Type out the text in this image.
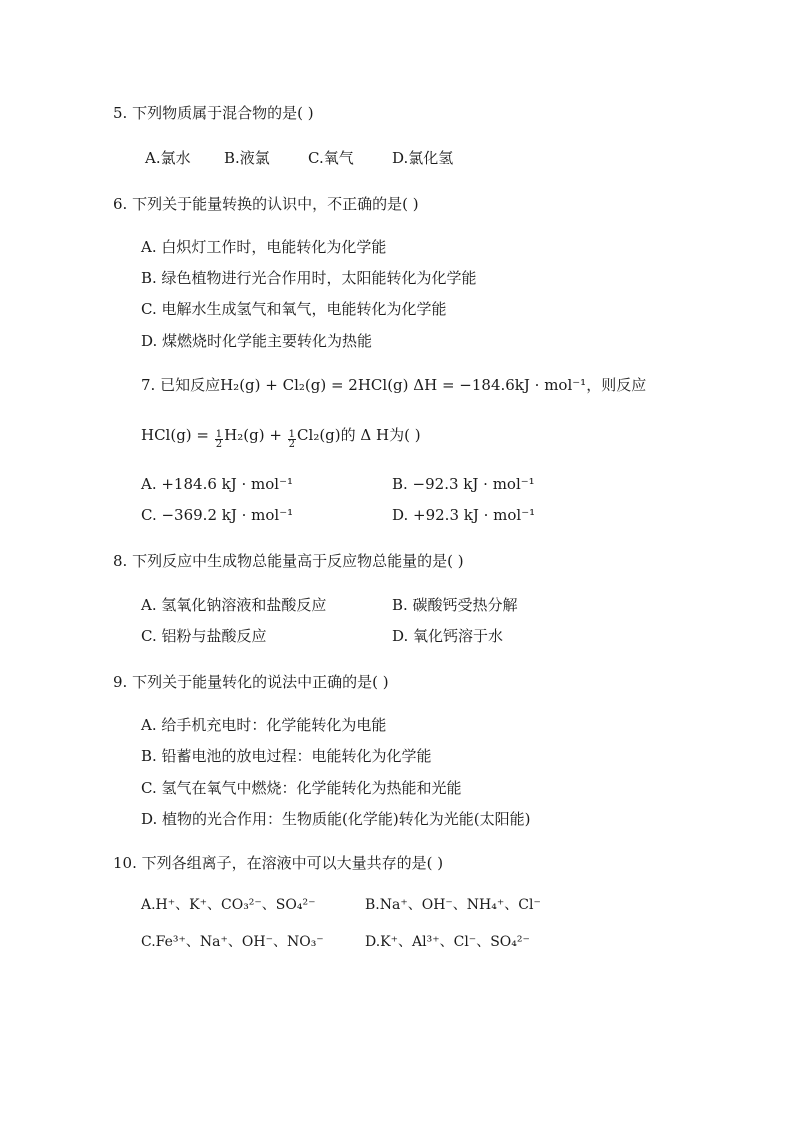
5. 下列物质属于混合物的是( )
A.氯水 B.液氯	C.氧气	D.氯化氢
6. 下列关于能量转换的认识中，不正确的是( )
A. 白炽灯工作时，电能转化为化学能
B. 绿色植物进行光合作用时，太阳能转化为化学能
C. 电解水生成氢气和氧气，电能转化为化学能
D. 煤燃烧时化学能主要转化为热能
7. 已知反应H₂(g) + Cl₂(g) = 2HCl(g) ΔH = −184.6kJ · mol⁻¹，则反应
$HCl(g) = \frac{1}{2} H_2(g) + \frac{1}{2} Cl_2(g)$的 Δ H为( )
A. +184.6 kJ · mol⁻¹	B. −92.3 kJ · mol⁻¹
C. −369.2 kJ · mol⁻¹	D. +92.3 kJ · mol⁻¹
8. 下列反应中生成物总能量高于反应物总能量的是( )
A. 氢氧化钠溶液和盐酸反应	B. 碳酸钙受热分解
C. 铝粉与盐酸反应	D. 氧化钙溶于水
9. 下列关于能量转化的说法中正确的是( )
A. 给手机充电时：化学能转化为电能
B. 铅蓄电池的放电过程：电能转化为化学能
C. 氢气在氧气中燃烧：化学能转化为热能和光能
D. 植物的光合作用：生物质能(化学能)转化为光能(太阳能)
10. 下列各组离子，在溶液中可以大量共存的是( )
A.H⁺、K⁺、CO₃²⁻、SO₄²⁻	B.Na⁺、OH⁻、NH₄⁺、Cl⁻
C.Fe³⁺、Na⁺、OH⁻、NO₃⁻	D.K⁺、Al³⁺、Cl⁻、SO₄²⁻
